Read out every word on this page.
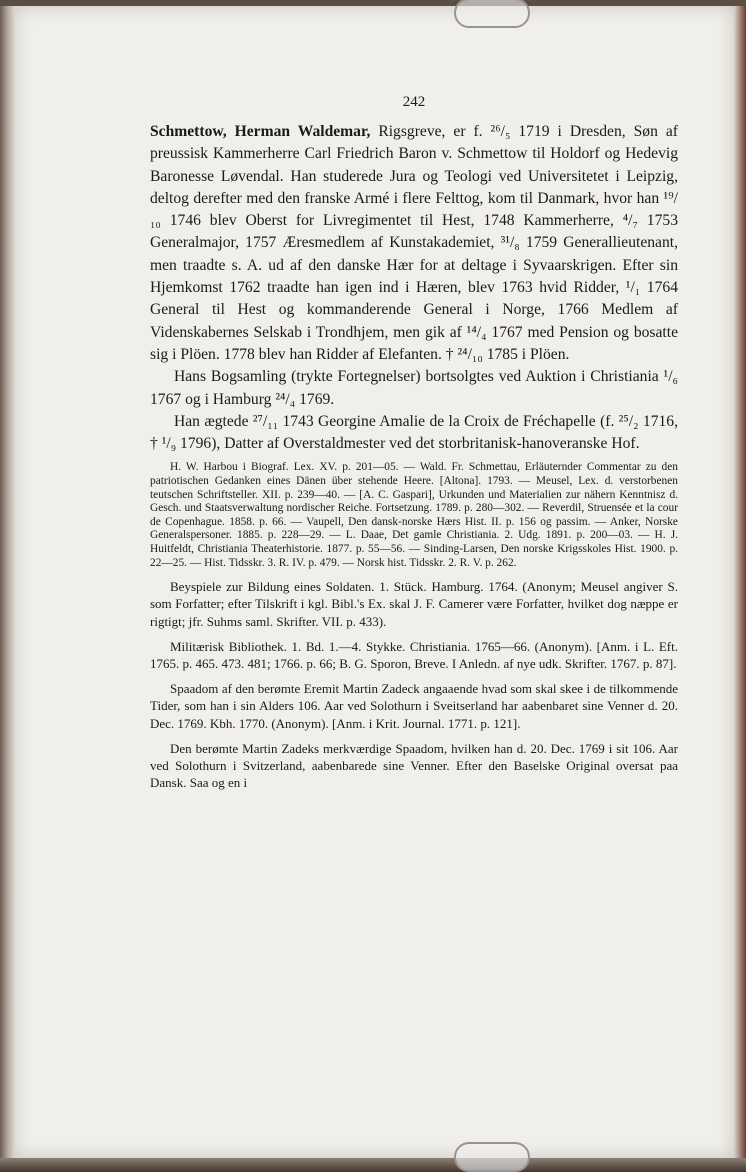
242

Schmettow, Herman Waldemar, Rigsgreve, er f. ²⁶/₅ 1719 i Dresden, Søn af preussisk Kammerherre Carl Friedrich Baron v. Schmettow til Holdorf og Hedevig Baronesse Løvendal. Han studerede Jura og Teologi ved Universitetet i Leipzig, deltog derefter med den franske Armé i flere Felttog, kom til Danmark, hvor han ¹⁹/₁₀ 1746 blev Oberst for Livregimentet til Hest, 1748 Kammerherre, ⁴/₇ 1753 Generalmajor, 1757 Æresmedlem af Kunstakademiet, ³¹/₈ 1759 Generallieutenant, men traadte s. A. ud af den danske Hær for at deltage i Syvaarskrigen. Efter sin Hjemkomst 1762 traadte han igen ind i Hæren, blev 1763 hvid Ridder, ¹/₁ 1764 General til Hest og kommanderende General i Norge, 1766 Medlem af Videnskabernes Selskab i Trondhjem, men gik af ¹⁴/₄ 1767 med Pension og bosatte sig i Plöen. 1778 blev han Ridder af Elefanten. † ²⁴/₁₀ 1785 i Plöen.

Hans Bogsamling (trykte Fortegnelser) bortsolgtes ved Auktion i Christiania ¹/₆ 1767 og i Hamburg ²⁴/₄ 1769.

Han ægtede ²⁷/₁₁ 1743 Georgine Amalie de la Croix de Fréchapelle (f. ²⁵/₂ 1716, † ¹/₉ 1796), Datter af Overstaldmester ved det storbritanisk-hanoveranske Hof.

H. W. Harbou i Biograf. Lex. XV. p. 201—05. — Wald. Fr. Schmettau, Erläuternder Commentar zu den patriotischen Gedanken eines Dänen über stehende Heere. [Altona]. 1793. — Meusel, Lex. d. verstorbenen teutschen Schriftsteller. XII. p. 239—40. — [A. C. Gaspari], Urkunden und Materialien zur nähern Kenntnisz d. Gesch. und Staatsverwaltung nordischer Reiche. Fortsetzung. 1789. p. 280—302. — Reverdil, Struensée et la cour de Copenhague. 1858. p. 66. — Vaupell, Den dansk-norske Hærs Hist. II. p. 156 og passim. — Anker, Norske Generalspersoner. 1885. p. 228—29. — L. Daae, Det gamle Christiania. 2. Udg. 1891. p. 200—03. — H. J. Huitfeldt, Christiania Theaterhistorie. 1877. p. 55—56. — Sinding-Larsen, Den norske Krigsskoles Hist. 1900. p. 22—25. — Hist. Tidsskr. 3. R. IV. p. 479. — Norsk hist. Tidsskr. 2. R. V. p. 262.

Beyspiele zur Bildung eines Soldaten. 1. Stück. Hamburg. 1764. (Anonym; Meusel angiver S. som Forfatter; efter Tilskrift i kgl. Bibl.'s Ex. skal J. F. Camerer være Forfatter, hvilket dog næppe er rigtigt; jfr. Suhms saml. Skrifter. VII. p. 433).

Militærisk Bibliothek. 1. Bd. 1.—4. Stykke. Christiania. 1765—66. (Anonym). [Anm. i L. Eft. 1765. p. 465. 473. 481; 1766. p. 66; B. G. Sporon, Breve. I Anledn. af nye udk. Skrifter. 1767. p. 87].

Spaadom af den berømte Eremit Martin Zadeck angaaende hvad som skal skee i de tilkommende Tider, som han i sin Alders 106. Aar ved Solothurn i Sveitserland har aabenbaret sine Venner d. 20. Dec. 1769. Kbh. 1770. (Anonym). [Anm. i Krit. Journal. 1771. p. 121].

Den berømte Martin Zadeks merkværdige Spaadom, hvilken han d. 20. Dec. 1769 i sit 106. Aar ved Solothurn i Svitzerland, aabenbarede sine Venner. Efter den Baselske Original oversat paa Dansk. Saa og en i
